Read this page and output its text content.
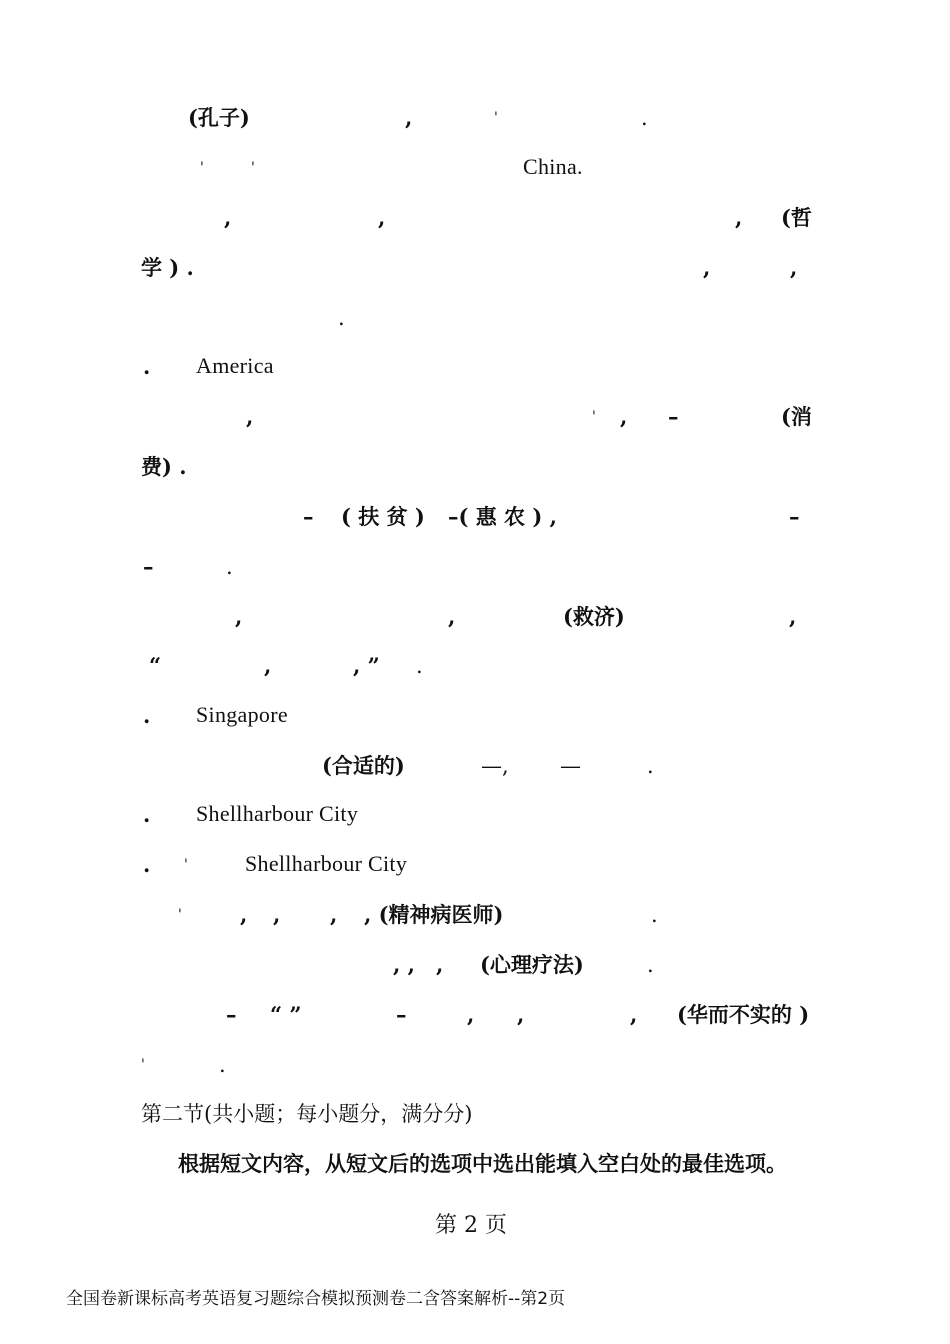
(孔子)	,	'	.
'	'	China.
,	,	, (哲
学 ) .	,	,
.
. America
,	' , –	(消
费) .
– ( 扶 贫 ) –( 惠 农 ) ,	–
–	.
,	,	(救济)	,
“	,	, ” .
. Singapore
(合适的)	—, —	.
. Shellharbour City
. '	Shellharbour City
'	, , , , (精神病医师)	.
, , , (心理疗法)	.
– “ ”	–	, ,	, (华而不实的 )
'	.
第二节(共小题；每小题分，满分分)
根据短文内容，从短文后的选项中选出能填入空白处的最佳选项。
第 2 页
全国卷新课标高考英语复习题综合模拟预测卷二含答案解析--第2页
